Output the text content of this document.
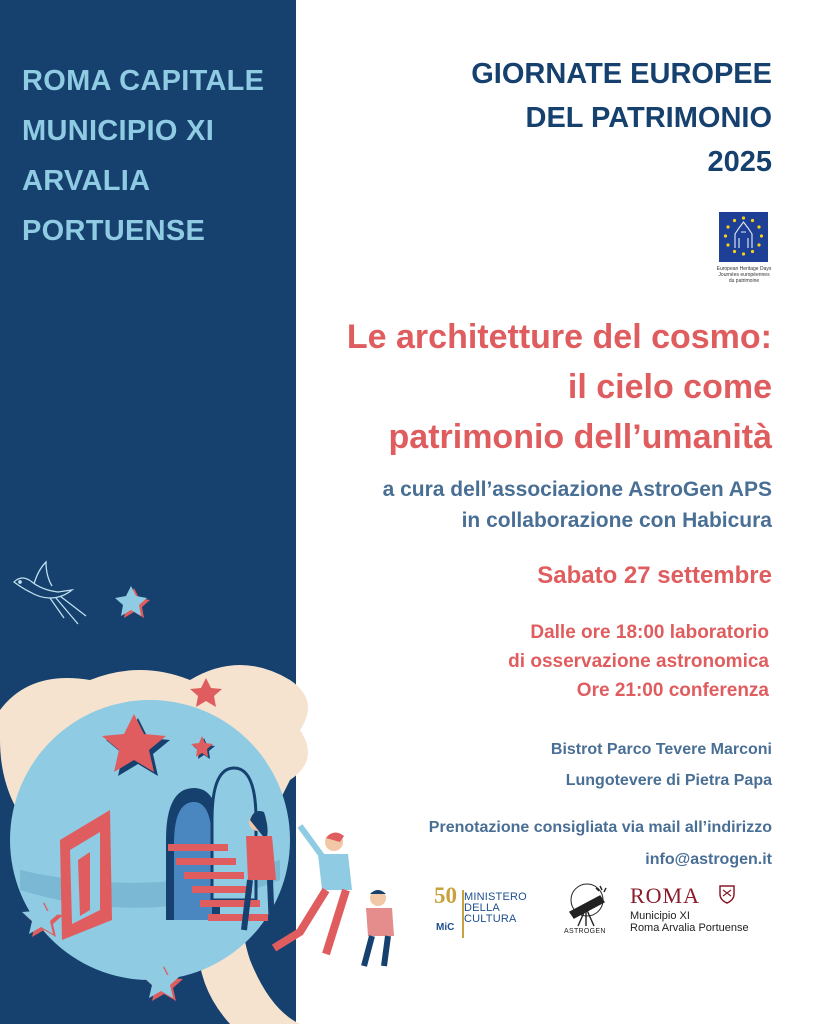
ROMA CAPITALE
MUNICIPIO XI
ARVALIA
PORTUENSE
GIORNATE EUROPEE
DEL PATRIMONIO
2025
European Heritage Days
Journées européennes
du patrimoine
Le architetture del cosmo:
il cielo come
patrimonio dell’umanità
a cura dell’associazione AstroGen APS
in collaborazione con Habicura
Sabato 27 settembre
Dalle ore 18:00 laboratorio
di osservazione astronomica
Ore 21:00 conferenza
Bistrot Parco Tevere Marconi
Lungotevere di Pietra Papa
Prenotazione consigliata via mail all’indirizzo
info@astrogen.it
50
MiC
MINISTERO
DELLA
CULTURA
ASTROGEN
ROMA
Municipio XI
Roma Arvalia Portuense
